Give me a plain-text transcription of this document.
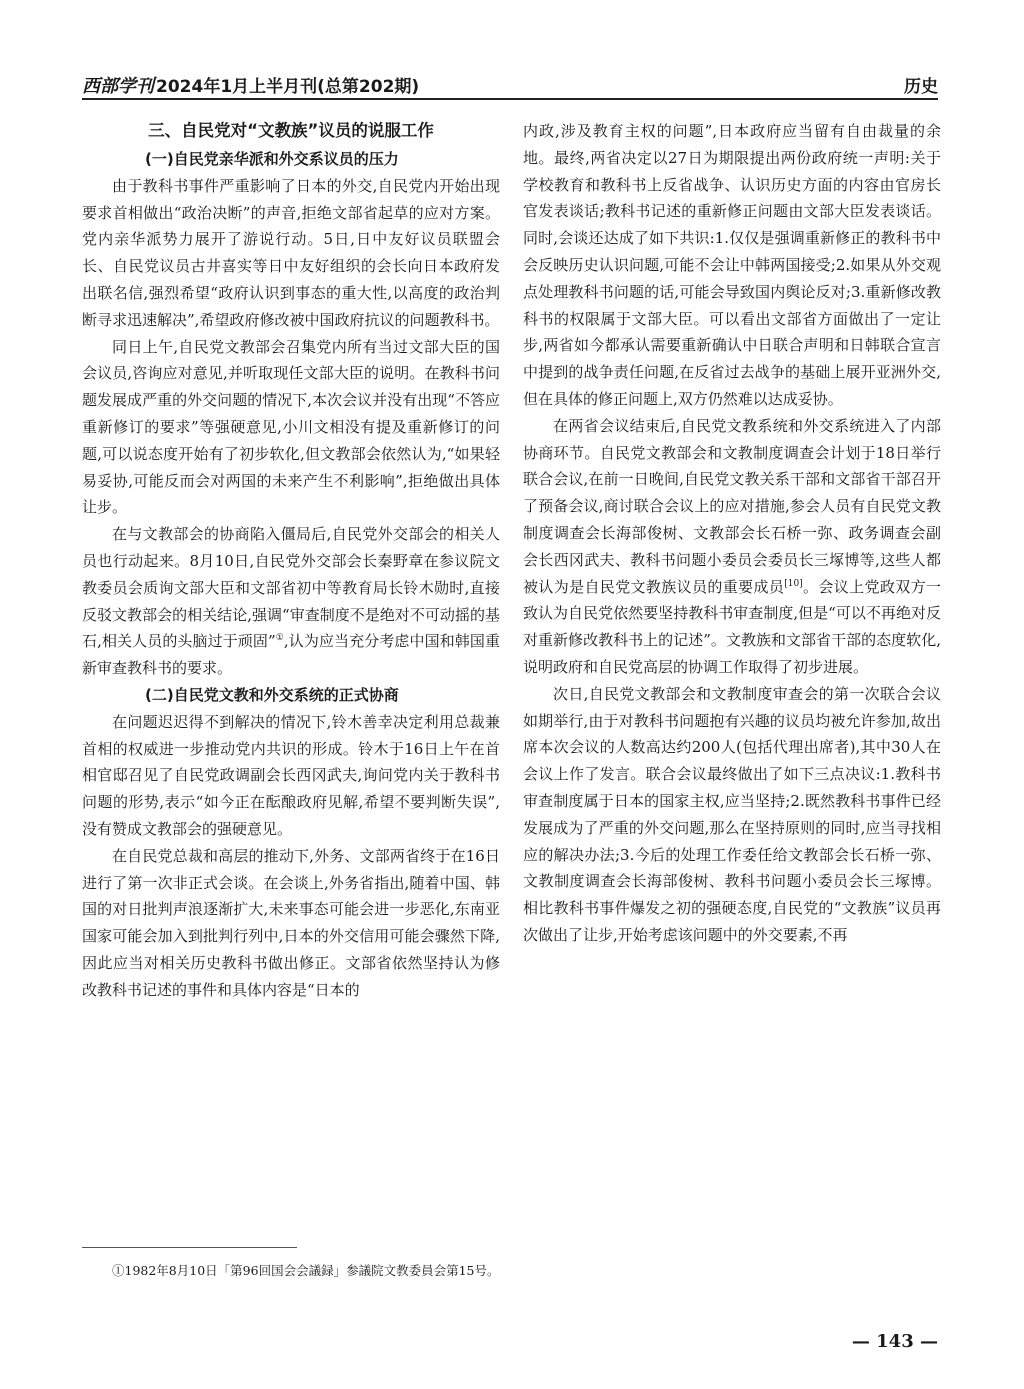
西部学刊 2024年1月上半月刊(总第202期)	历史
三、自民党对“文教族”议员的说服工作

(一)自民党亲华派和外交系议员的压力

由于教科书事件严重影响了日本的外交,自民党内开始出现要求首相做出“政治决断”的声音,拒绝文部省起草的应对方案。党内亲华派势力展开了游说行动。5日,日中友好议员联盟会长、自民党议员古井喜实等日中友好组织的会长向日本政府发出联名信,强烈希望“政府认识到事态的重大性,以高度的政治判断寻求迅速解决”,希望政府修改被中国政府抗议的问题教科书。

同日上午,自民党文教部会召集党内所有当过文部大臣的国会议员,咨询应对意见,并听取现任文部大臣的说明。在教科书问题发展成严重的外交问题的情况下,本次会议并没有出现“不答应重新修订的要求”等强硬意见,小川文相没有提及重新修订的问题,可以说态度开始有了初步软化,但文教部会依然认为,“如果轻易妥协,可能反而会对两国的未来产生不利影响”,拒绝做出具体让步。

在与文教部会的协商陷入僵局后,自民党外交部会的相关人员也行动起来。8月10日,自民党外交部会长秦野章在参议院文教委员会质询文部大臣和文部省初中等教育局长铃木勋时,直接反驳文教部会的相关结论,强调“审查制度不是绝对不可动摇的基石,相关人员的头脑过于顽固”①,认为应当充分考虑中国和韩国重新审查教科书的要求。

(二)自民党文教和外交系统的正式协商

在问题迟迟得不到解决的情况下,铃木善幸决定利用总裁兼首相的权威进一步推动党内共识的形成。铃木于16日上午在首相官邸召见了自民党政调副会长西冈武夫,询问党内关于教科书问题的形势,表示“如今正在酝酿政府见解,希望不要判断失误”,没有赞成文教部会的强硬意见。

在自民党总裁和高层的推动下,外务、文部两省终于在16日进行了第一次非正式会谈。在会谈上,外务省指出,随着中国、韩国的对日批判声浪逐渐扩大,未来事态可能会进一步恶化,东南亚国家可能会加入到批判行列中,日本的外交信用可能会骤然下降,因此应当对相关历史教科书做出修正。文部省依然坚持认为修改教科书记述的事件和具体内容是“日本的

内政,涉及教育主权的问题”,日本政府应当留有自由裁量的余地。最终,两省决定以27日为期限提出两份政府统一声明:关于学校教育和教科书上反省战争、认识历史方面的内容由官房长官发表谈话;教科书记述的重新修正问题由文部大臣发表谈话。同时,会谈还达成了如下共识:1.仅仅是强调重新修正的教科书中会反映历史认识问题,可能不会让中韩两国接受;2.如果从外交观点处理教科书问题的话,可能会导致国内舆论反对;3.重新修改教科书的权限属于文部大臣。可以看出文部省方面做出了一定让步,两省如今都承认需要重新确认中日联合声明和日韩联合宣言中提到的战争责任问题,在反省过去战争的基础上展开亚洲外交,但在具体的修正问题上,双方仍然难以达成妥协。

在两省会议结束后,自民党文教系统和外交系统进入了内部协商环节。自民党文教部会和文教制度调查会计划于18日举行联合会议,在前一日晚间,自民党文教关系干部和文部省干部召开了预备会议,商讨联合会议上的应对措施,参会人员有自民党文教制度调查会长海部俊树、文教部会长石桥一弥、政务调查会副会长西冈武夫、教科书问题小委员会委员长三塚博等,这些人都被认为是自民党文教族议员的重要成员[10]。会议上党政双方一致认为自民党依然要坚持教科书审查制度,但是“可以不再绝对反对重新修改教科书上的记述”。文教族和文部省干部的态度软化,说明政府和自民党高层的协调工作取得了初步进展。

次日,自民党文教部会和文教制度审查会的第一次联合会议如期举行,由于对教科书问题抱有兴趣的议员均被允许参加,故出席本次会议的人数高达约200人(包括代理出席者),其中30人在会议上作了发言。联合会议最终做出了如下三点决议:1.教科书审查制度属于日本的国家主权,应当坚持;2.既然教科书事件已经发展成为了严重的外交问题,那么在坚持原则的同时,应当寻找相应的解决办法;3.今后的处理工作委任给文教部会长石桥一弥、文教制度调查会长海部俊树、教科书问题小委员会长三塚博。相比教科书事件爆发之初的强硬态度,自民党的“文教族”议员再次做出了让步,开始考虑该问题中的外交要素,不再

①1982年8月10日「第96回国会会議録」参議院文教委員会第15号。
— 143 —
